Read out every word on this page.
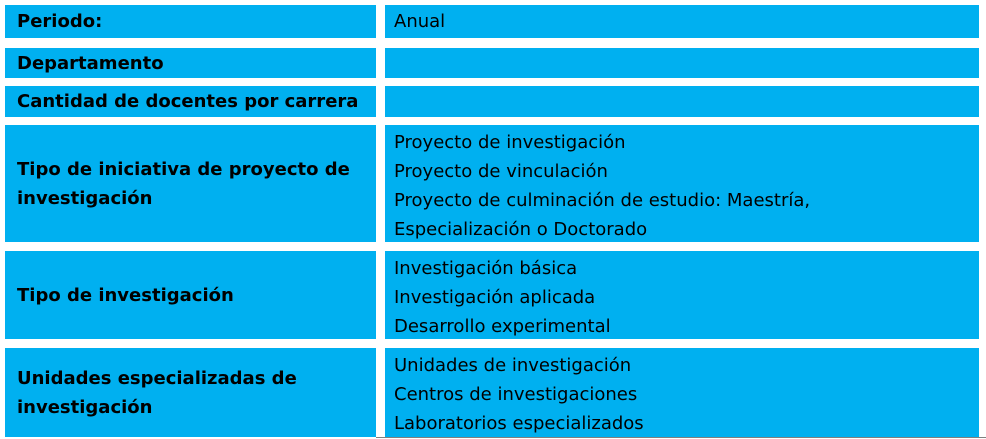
Periodo:	Anual
Departamento
Cantidad de docentes por carrera
Tipo de iniciativa de proyecto de investigación
Proyecto de investigación
Proyecto de vinculación
Proyecto de culminación de estudio: Maestría,
Especialización o Doctorado
Tipo de investigación
Investigación básica
Investigación aplicada
Desarrollo experimental
Unidades especializadas de investigación
Unidades de investigación
Centros de investigaciones
Laboratorios especializados
